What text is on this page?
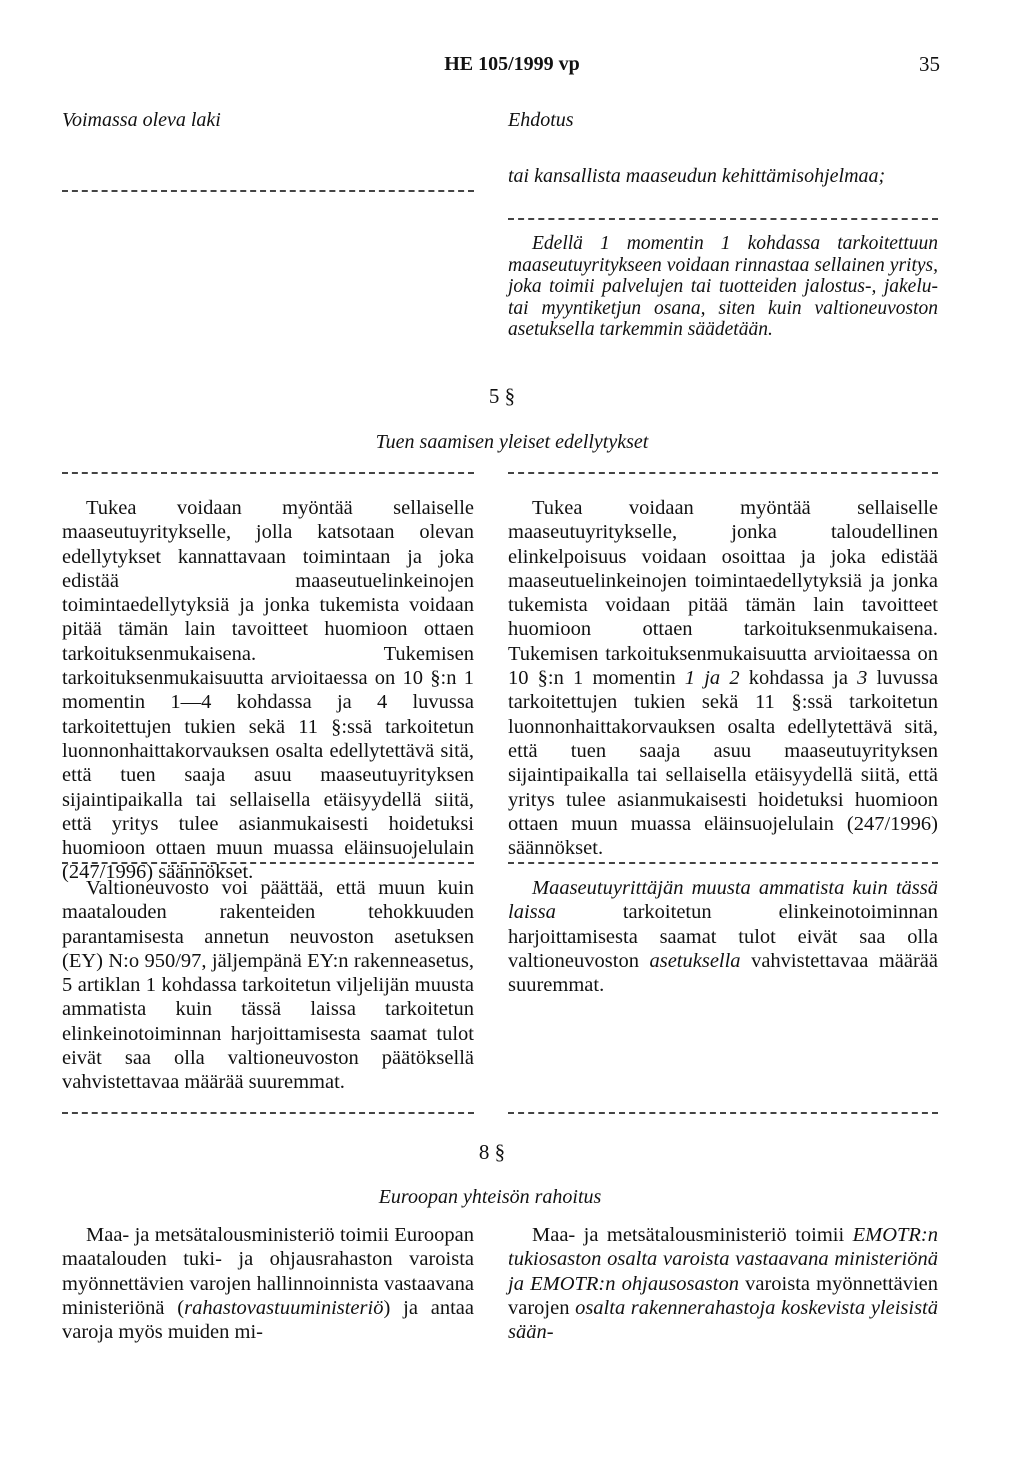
HE 105/1999 vp	35
Voimassa oleva laki	Ehdotus
tai kansallista maaseudun kehittämisohjelmaa;

Edellä 1 momentin 1 kohdassa tarkoitettuun maaseutuyritykseen voidaan rinnastaa sellainen yritys, joka toimii palvelujen tai tuotteiden jalostus-, jakelu- tai myyntiketjun osana, siten kuin valtioneuvoston asetuksella tarkemmin säädetään.

5 §
Tuen saamisen yleiset edellytykset

Tukea voidaan myöntää sellaiselle maaseutuyritykselle, jolla katsotaan olevan edellytykset kannattavaan toimintaan ja joka edistää maaseutuelinkeinojen toimintaedellytyksiä ja jonka tukemista voidaan pitää tämän lain tavoitteet huomioon ottaen tarkoituksenmukaisena. Tukemisen tarkoituksenmukaisuutta arvioitaessa on 10 §:n 1 momentin 1—4 kohdassa ja 4 luvussa tarkoitettujen tukien sekä 11 §:ssä tarkoitetun luonnonhaittakorvauksen osalta edellytettävä sitä, että tuen saaja asuu maaseutuyrityksen sijaintipaikalla tai sellaisella etäisyydellä siitä, että yritys tulee asianmukaisesti hoidetuksi huomioon ottaen muun muassa eläinsuojelulain (247/1996) säännökset.

Valtioneuvosto voi päättää, että muun kuin maatalouden rakenteiden tehokkuuden parantamisesta annetun neuvoston asetuksen (EY) N:o 950/97, jäljempänä EY:n rakenneasetus, 5 artiklan 1 kohdassa tarkoitetun viljelijän muusta ammatista kuin tässä laissa tarkoitetun elinkeinotoiminnan harjoittamisesta saamat tulot eivät saa olla valtioneuvoston päätöksellä vahvistettavaa määrää suuremmat.

Tukea voidaan myöntää sellaiselle maaseutuyritykselle, jonka taloudellinen elinkelpoisuus voidaan osoittaa ja joka edistää maaseutuelinkeinojen toimintaedellytyksiä ja jonka tukemista voidaan pitää tämän lain tavoitteet huomioon ottaen tarkoituksenmukaisena. Tukemisen tarkoituksenmukaisuutta arvioitaessa on 10 §:n 1 momentin 1 ja 2 kohdassa ja 3 luvussa tarkoitettujen tukien sekä 11 §:ssä tarkoitetun luonnonhaittakorvauksen osalta edellytettävä sitä, että tuen saaja asuu maaseutuyrityksen sijaintipaikalla tai sellaisella etäisyydellä siitä, että yritys tulee asianmukaisesti hoidetuksi huomioon ottaen muun muassa eläinsuojelulain (247/1996) säännökset.

Maaseutuyrittäjän muusta ammatista kuin tässä laissa	tarkoitetun elinkeinotoiminnan harjoittamisesta saamat tulot eivät saa olla valtioneuvoston asetuksella vahvistettavaa määrää suuremmat.

8 §
Euroopan yhteisön rahoitus

Maa- ja metsätalousministeriö toimii Euroopan maatalouden tuki- ja ohjausrahaston varoista myönnettävien varojen hallinnoinnista vastaavana ministeriönä (rahastovastuuministeriö) ja antaa varoja myös muiden mi-

Maa- ja metsätalousministeriö toimii EMOTR:n tukiosaston osalta varoista vastaavana ministeriönä ja EMOTR:n ohjausosaston varoista myönnettävien varojen osalta rakennerahastoja koskevista yleisistä sään-
